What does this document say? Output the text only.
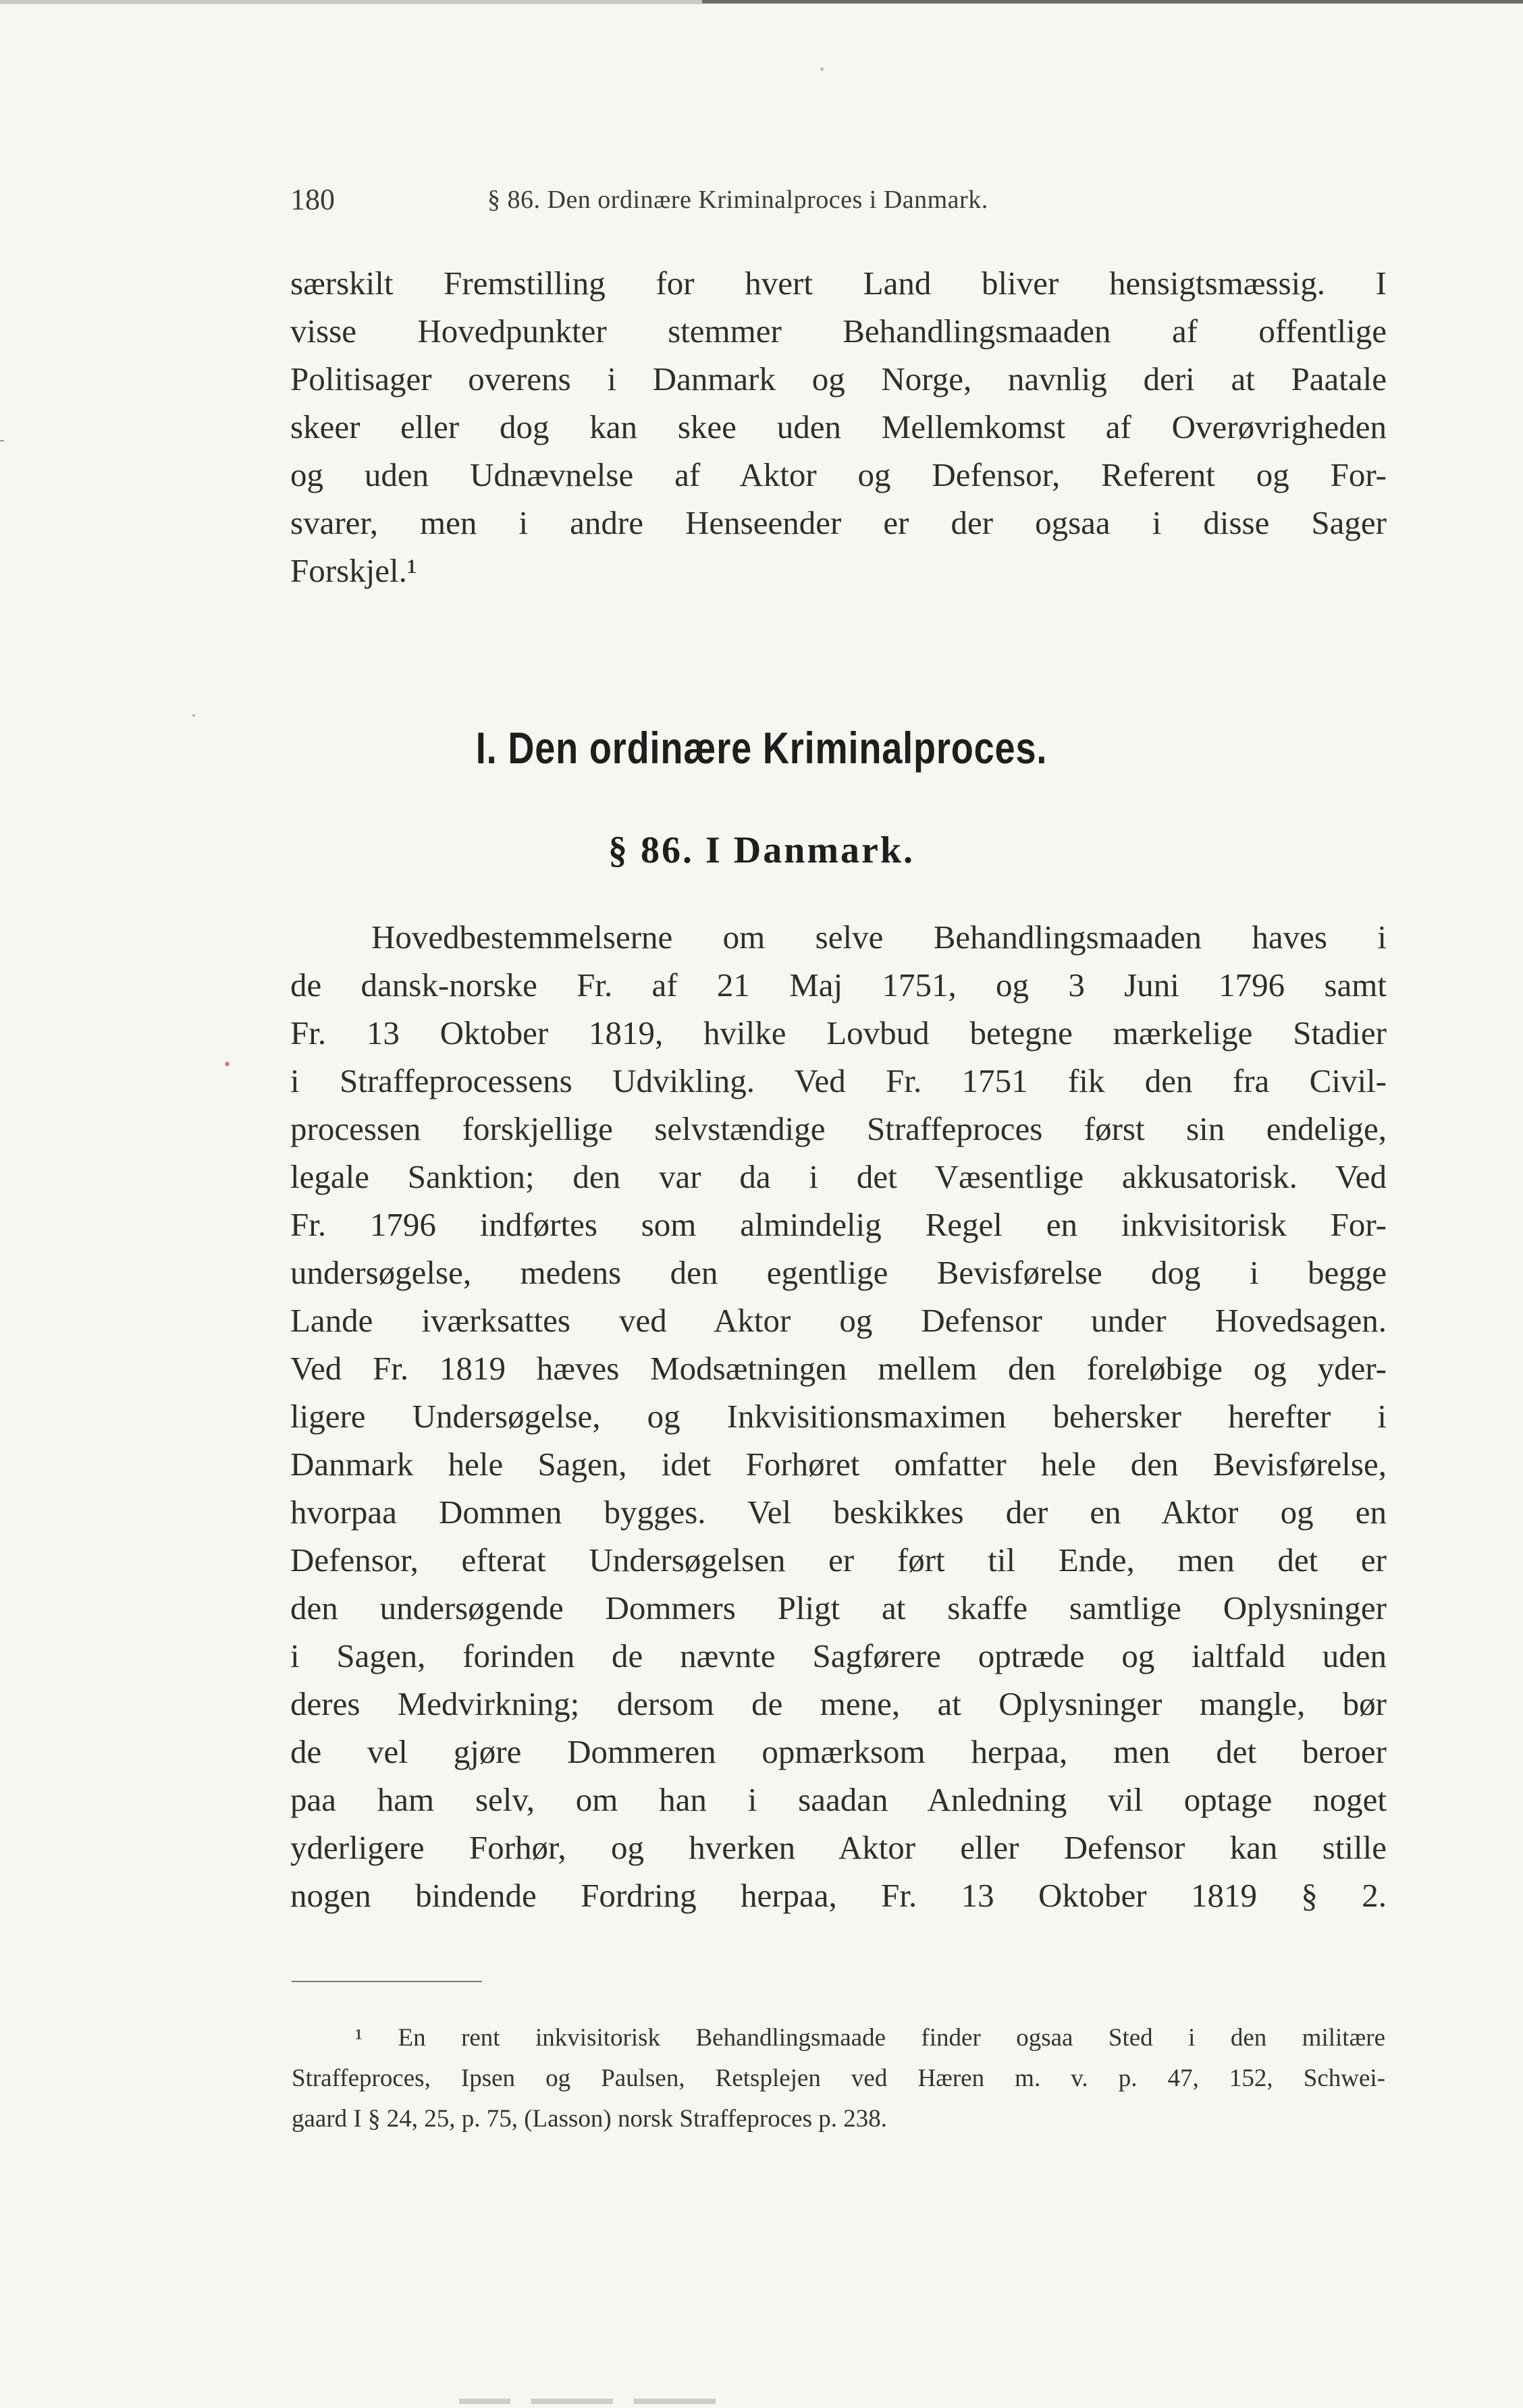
180	§ 86. Den ordinære Kriminalproces i Danmark.
særskilt Fremstilling for hvert Land bliver hensigtsmæssig. I
visse Hovedpunkter stemmer Behandlingsmaaden af offentlige
Politisager overens i Danmark og Norge, navnlig deri at Paatale
skeer eller dog kan skee uden Mellemkomst af Overøvrigheden
og uden Udnævnelse af Aktor og Defensor, Referent og For-
svarer, men i andre Henseender er der ogsaa i disse Sager
Forskjel.¹
I. Den ordinære Kriminalproces.
§ 86. I Danmark.
Hovedbestemmelserne om selve Behandlingsmaaden haves i
de dansk-norske Fr. af 21 Maj 1751, og 3 Juni 1796 samt
Fr. 13 Oktober 1819, hvilke Lovbud betegne mærkelige Stadier
i Straffeprocessens Udvikling. Ved Fr. 1751 fik den fra Civil-
processen forskjellige selvstændige Straffeproces først sin endelige,
legale Sanktion; den var da i det Væsentlige akkusatorisk. Ved
Fr. 1796 indførtes som almindelig Regel en inkvisitorisk For-
undersøgelse, medens den egentlige Bevisførelse dog i begge
Lande iværksattes ved Aktor og Defensor under Hovedsagen.
Ved Fr. 1819 hæves Modsætningen mellem den foreløbige og yder-
ligere Undersøgelse, og Inkvisitionsmaximen behersker herefter i
Danmark hele Sagen, idet Forhøret omfatter hele den Bevisførelse,
hvorpaa Dommen bygges. Vel beskikkes der en Aktor og en
Defensor, efterat Undersøgelsen er ført til Ende, men det er
den undersøgende Dommers Pligt at skaffe samtlige Oplysninger
i Sagen, forinden de nævnte Sagførere optræde og ialtfald uden
deres Medvirkning; dersom de mene, at Oplysninger mangle, bør
de vel gjøre Dommeren opmærksom herpaa, men det beroer
paa ham selv, om han i saadan Anledning vil optage noget
yderligere Forhør, og hverken Aktor eller Defensor kan stille
nogen bindende Fordring herpaa, Fr. 13 Oktober 1819 § 2.
¹ En rent inkvisitorisk Behandlingsmaade finder ogsaa Sted i den militære
Straffeproces, Ipsen og Paulsen, Retsplejen ved Hæren m. v. p. 47, 152, Schwei-
gaard I § 24, 25, p. 75, (Lasson) norsk Straffeproces p. 238.
